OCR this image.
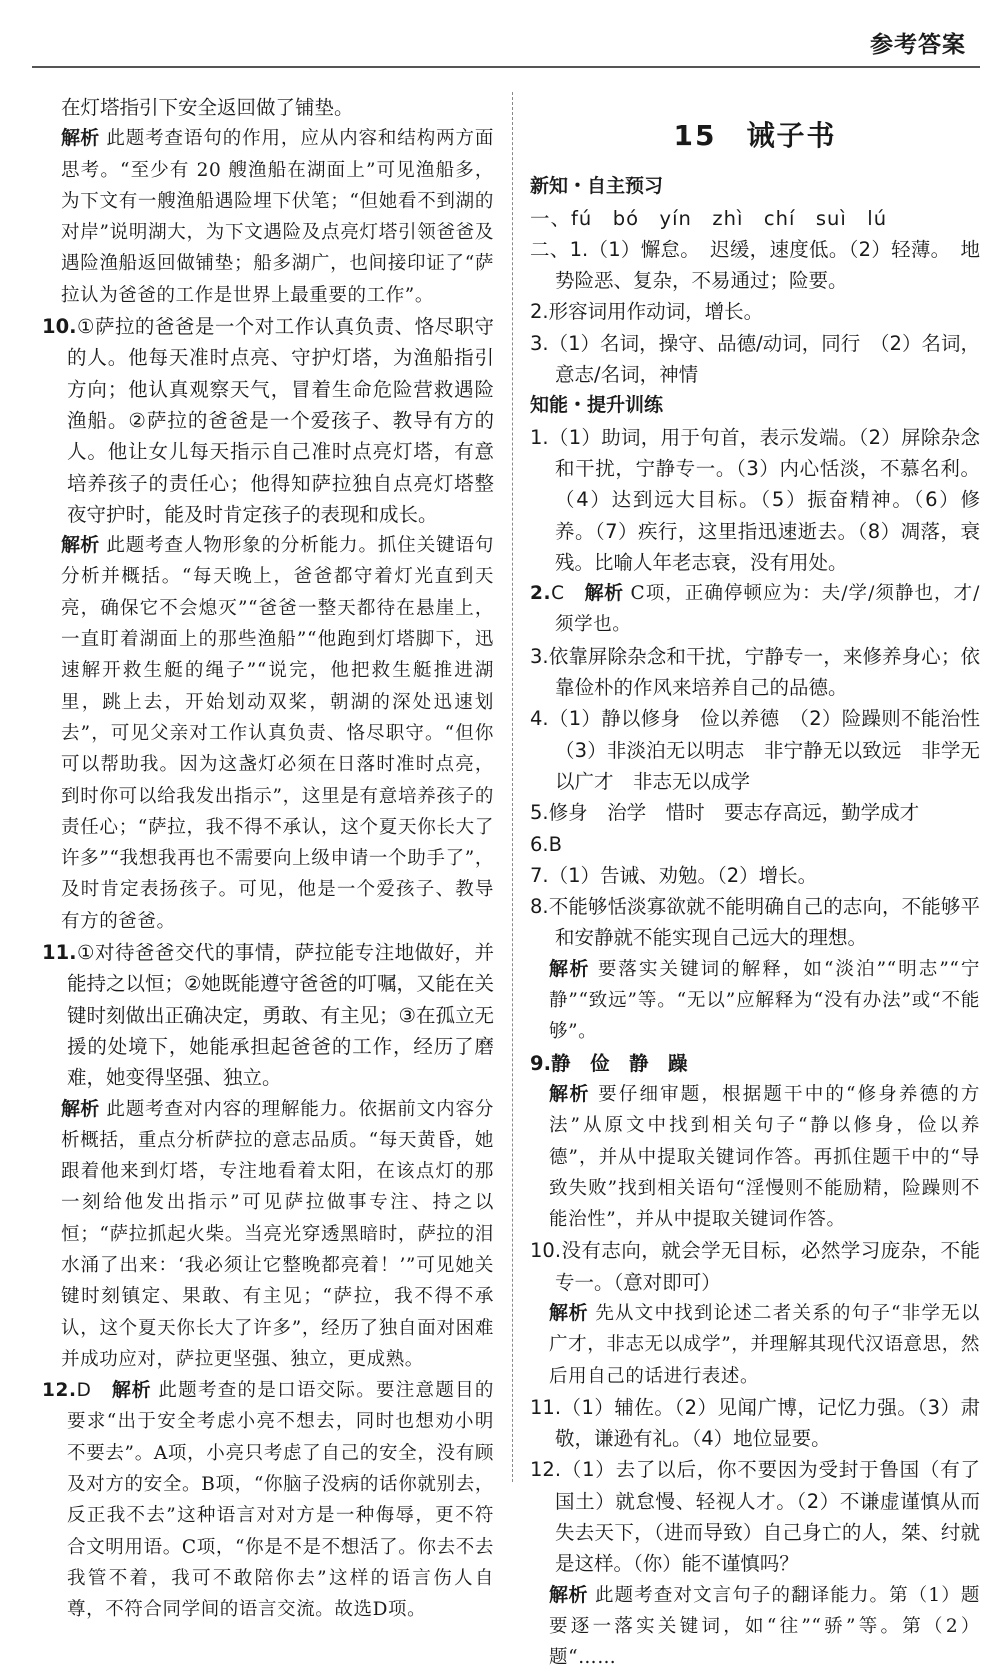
参考答案

在灯塔指引下安全返回做了铺垫。

解析 此题考查语句的作用，应从内容和结构两方面思考。“至少有 20 艘渔船在湖面上”可见渔船多，为下文有一艘渔船遇险埋下伏笔；“但她看不到湖的对岸”说明湖大，为下文遇险及点亮灯塔引领爸爸及遇险渔船返回做铺垫；船多湖广，也间接印证了“萨拉认为爸爸的工作是世界上最重要的工作”。

10.①萨拉的爸爸是一个对工作认真负责、恪尽职守的人。他每天准时点亮、守护灯塔，为渔船指引方向；他认真观察天气，冒着生命危险营救遇险渔船。②萨拉的爸爸是一个爱孩子、教导有方的人。他让女儿每天指示自己准时点亮灯塔，有意培养孩子的责任心；他得知萨拉独自点亮灯塔整夜守护时，能及时肯定孩子的表现和成长。

解析 此题考查人物形象的分析能力。抓住关键语句分析并概括。“每天晚上，爸爸都守着灯光直到天亮，确保它不会熄灭”“爸爸一整天都待在悬崖上，一直盯着湖面上的那些渔船”“他跑到灯塔脚下，迅速解开救生艇的绳子”“说完，他把救生艇推进湖里，跳上去，开始划动双桨，朝湖的深处迅速划去”，可见父亲对工作认真负责、恪尽职守。“但你可以帮助我。因为这盏灯必须在日落时准时点亮，到时你可以给我发出指示”，这里是有意培养孩子的责任心；“萨拉，我不得不承认，这个夏天你长大了许多”“我想我再也不需要向上级申请一个助手了”，及时肯定表扬孩子。可见，他是一个爱孩子、教导有方的爸爸。

11.①对待爸爸交代的事情，萨拉能专注地做好，并能持之以恒；②她既能遵守爸爸的叮嘱，又能在关键时刻做出正确决定，勇敢、有主见；③在孤立无援的处境下，她能承担起爸爸的工作，经历了磨难，她变得坚强、独立。

解析 此题考查对内容的理解能力。依据前文内容分析概括，重点分析萨拉的意志品质。“每天黄昏，她跟着他来到灯塔，专注地看着太阳，在该点灯的那一刻给他发出指示”可见萨拉做事专注、持之以恒；“萨拉抓起火柴。当亮光穿透黑暗时，萨拉的泪水涌了出来：‘我必须让它整晚都亮着！’”可见她关键时刻镇定、果敢、有主见；“萨拉，我不得不承认，这个夏天你长大了许多”，经历了独自面对困难并成功应对，萨拉更坚强、独立，更成熟。

12.D　 解析 此题考查的是口语交际。要注意题目的要求“出于安全考虑小亮不想去，同时也想劝小明不要去”。A项，小亮只考虑了自己的安全，没有顾及对方的安全。B项，“你脑子没病的话你就别去，反正我不去”这种语言对对方是一种侮辱，更不符合文明用语。C项，“你是不是不想活了。你去不去我管不着，我可不敢陪你去”这样的语言伤人自尊，不符合同学间的语言交流。故选D项。

15　诫子书

新知・自主预习

一、fú　bó　yín　zhì　chí　suì　lú

二、1.（1）懈怠。　迟缓，速度低。（2）轻薄。　地势险恶、复杂，不易通过；险要。

2.形容词用作动词，增长。

3.（1）名词，操守、品德/动词，同行　（2）名词，意志/名词，神情

知能・提升训练

1.（1）助词，用于句首，表示发端。（2）屏除杂念和干扰，宁静专一。（3）内心恬淡，不慕名利。（4）达到远大目标。（5）振奋精神。（6）修养。（7）疾行，这里指迅速逝去。（8）凋落，衰残。比喻人年老志衰，没有用处。

2.C　 解析 C项，正确停顿应为：夫/学/须静也，才/须学也。

3.依靠屏除杂念和干扰，宁静专一，来修养身心；依靠俭朴的作风来培养自己的品德。

4.（1）静以修身　俭以养德　（2）险躁则不能治性　（3）非淡泊无以明志　非宁静无以致远　非学无以广才　非志无以成学

5.修身　治学　惜时　要志存高远，勤学成才

6.B

7.（1）告诫、劝勉。（2）增长。

8.不能够恬淡寡欲就不能明确自己的志向，不能够平和安静就不能实现自己远大的理想。

解析 要落实关键词的解释，如“淡泊”“明志”“宁静”“致远”等。“无以”应解释为“没有办法”或“不能够”。

9.静　俭　静　躁

解析 要仔细审题，根据题干中的“修身养德的方法”从原文中找到相关句子“静以修身，俭以养德”，并从中提取关键词作答。再抓住题干中的“导致失败”找到相关语句“淫慢则不能励精，险躁则不能治性”，并从中提取关键词作答。

10.没有志向，就会学无目标，必然学习庞杂，不能专一。（意对即可）

解析 先从文中找到论述二者关系的句子“非学无以广才，非志无以成学”，并理解其现代汉语意思，然后用自己的话进行表述。

11.（1）辅佐。（2）见闻广博，记忆力强。（3）肃敬，谦逊有礼。（4）地位显要。

12.（1）去了以后，你不要因为受封于鲁国（有了国土）就怠慢、轻视人才。（2）不谦虚谨慎从而失去天下，（进而导致）自己身亡的人，桀、纣就是这样。（你）能不谨慎吗？

解析 此题考查对文言句子的翻译能力。第（1）题要逐一落实关键词，如“往”“骄”等。第（2）题“……
